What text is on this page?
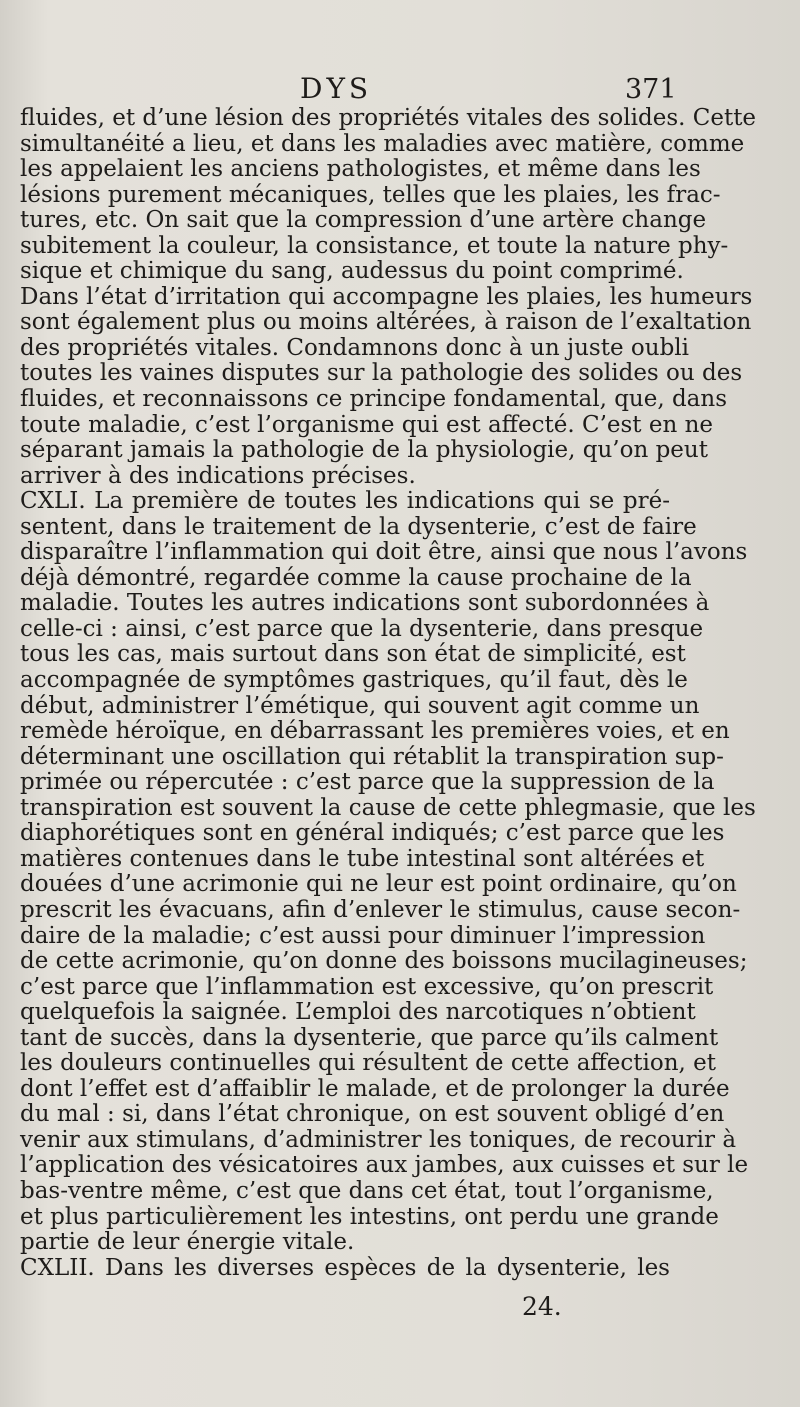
DYS	371
fluides, et d’une lésion des propriétés vitales des solides. Cette
simultanéité a lieu, et dans les maladies avec matière, comme
les appelaient les anciens pathologistes, et même dans les
lésions purement mécaniques, telles que les plaies, les frac-
tures, etc. On sait que la compression d’une artère change
subitement la couleur, la consistance, et toute la nature phy-
sique et chimique du sang, audessus du point comprimé.
Dans l’état d’irritation qui accompagne les plaies, les humeurs
sont également plus ou moins altérées, à raison de l’exaltation
des propriétés vitales. Condamnons donc à un juste oubli
toutes les vaines disputes sur la pathologie des solides ou des
fluides, et reconnaissons ce principe fondamental, que, dans
toute maladie, c’est l’organisme qui est affecté. C’est en ne
séparant jamais la pathologie de la physiologie, qu’on peut
arriver à des indications précises.
CXLI. La première de toutes les indications qui se pré-
sentent, dans le traitement de la dysenterie, c’est de faire
disparaître l’inflammation qui doit être, ainsi que nous l’avons
déjà démontré, regardée comme la cause prochaine de la
maladie. Toutes les autres indications sont subordonnées à
celle-ci : ainsi, c’est parce que la dysenterie, dans presque
tous les cas, mais surtout dans son état de simplicité, est
accompagnée de symptômes gastriques, qu’il faut, dès le
début, administrer l’émétique, qui souvent agit comme un
remède héroïque, en débarrassant les premières voies, et en
déterminant une oscillation qui rétablit la transpiration sup-
primée ou répercutée : c’est parce que la suppression de la
transpiration est souvent la cause de cette phlegmasie, que les
diaphorétiques sont en général indiqués; c’est parce que les
matières contenues dans le tube intestinal sont altérées et
douées d’une acrimonie qui ne leur est point ordinaire, qu’on
prescrit les évacuans, afin d’enlever le stimulus, cause secon-
daire de la maladie; c’est aussi pour diminuer l’impression
de cette acrimonie, qu’on donne des boissons mucilagineuses;
c’est parce que l’inflammation est excessive, qu’on prescrit
quelquefois la saignée. L’emploi des narcotiques n’obtient
tant de succès, dans la dysenterie, que parce qu’ils calment
les douleurs continuelles qui résultent de cette affection, et
dont l’effet est d’affaiblir le malade, et de prolonger la durée
du mal : si, dans l’état chronique, on est souvent obligé d’en
venir aux stimulans, d’administrer les toniques, de recourir à
l’application des vésicatoires aux jambes, aux cuisses et sur le
bas-ventre même, c’est que dans cet état, tout l’organisme,
et plus particulièrement les intestins, ont perdu une grande
partie de leur énergie vitale.
CXLII. Dans les diverses espèces de la dysenterie, les
24.
